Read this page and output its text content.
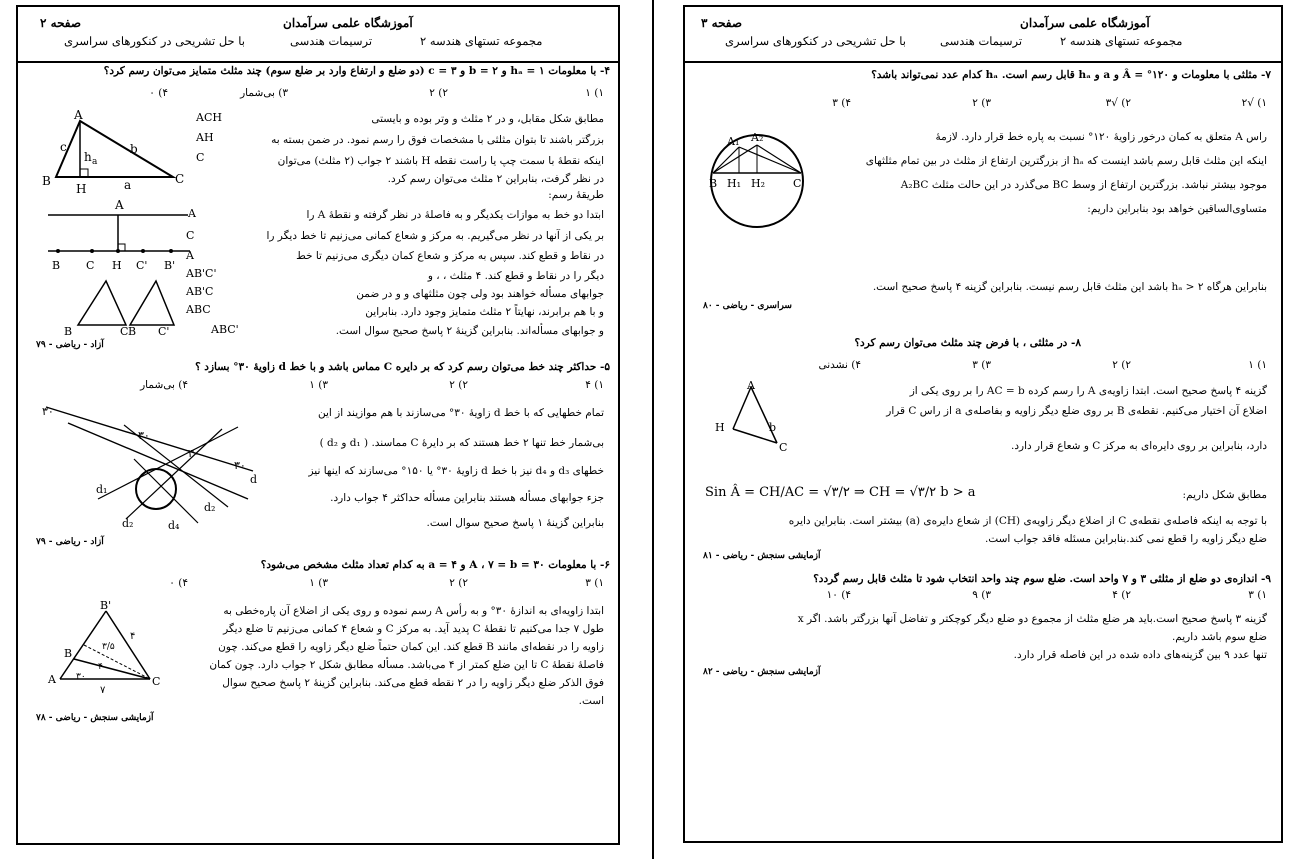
آموزشگاه علمی سرآمدان
صفحه ۲
مجموعه تستهای هندسه ۲
ترسیمات هندسی
با حل تشریحی در کنکورهای سراسری
۴- با معلومات ۱ = hₐ و ۲ = b و ۳ = c (دو ضلع و ارتفاع وارد بر ضلع سوم) چند مثلث متمایز می‌توان رسم کرد؟
۱) ۱
۲) ۲
۳) بی‌شمار
۴) ۰
مطابق شکل مقابل، و در ۲ مثلث و وتر بوده و بایستی
بزرگتر باشند تا بتوان مثلثی با مشخصات فوق را رسم نمود. در ضمن بسته به
اینکه نقطهٔ با سمت چپ یا راست نقطه H باشند ۲ جواب (۲ مثلث) می‌توان
در نظر گرفت، بنابراین ۲ مثلث می‌توان رسم کرد.
طریقهٔ رسم:
ابتدا دو خط به موازات یکدیگر و به فاصلهٔ در نظر گرفته و نقطهٔ A را
بر یکی از آنها در نظر می‌گیریم. به مرکز و شعاع کمانی می‌زنیم تا خط دیگر را
در نقاط و قطع کند. سپس به مرکز و شعاع کمان دیگری می‌زنیم تا خط
دیگر را در نقاط و قطع کند. ۴ مثلث ، ، و
جوابهای مسأله خواهند بود ولی چون مثلثهای و و در ضمن
و با هم برابرند، نهایتاً ۲ مثلث متمایز وجود دارد. بنابراین
و جوابهای مسأله‌اند. بنابراین گزینهٔ ۲ پاسخ صحیح سوال است.
ACH
AH
C
A
C
A
AB'C'
AB'C
ABC
ABC'
آزاد - ریاضی - ۷۹
A
B
H
C
c
h a
b
a
A
B C H C' B'
B	C B C'
۵- حداکثر چند خط می‌توان رسم کرد که بر دایره C مماس باشد و با خط d زاویهٔ ۳۰° بسازد ؟
۱) ۴
۲) ۲
۳) ۱
۴) بی‌شمار
تمام خطهایی که با خط d زاویهٔ ۳۰° می‌سازند با هم موازیند از این
بی‌شمار خط تنها ۲ خط هستند که بر دایرهٔ C مماسند. ( d₁ و d₂ )
خطهای d₃ و d₄ نیز با خط d زاویهٔ ۳۰° یا ۱۵۰° می‌سازند که اینها نیز
جزء جوابهای مسأله هستند بنابراین مسأله حداکثر ۴ جواب دارد.
بنابراین گزینهٔ ۱ پاسخ صحیح سوال است.
آزاد - ریاضی - ۷۹
۳۰
۳۰
۳۰
۳۰
d
d₁
d₂
d₂	d₄
۶- با معلومات ۳۰ = A ، ۷ = b و ۴ = a به کدام تعداد مثلث مشخص می‌شود؟
۱) ۳
۲) ۲
۳) ۱
۴) ۰
ابتدا زاویه‌ای به اندازهٔ ۳۰° و به رأس A رسم نموده و روی یکی از اضلاع آن پاره‌خطی به
طول ۷ جدا می‌کنیم تا نقطهٔ C پدید آید. به مرکز C و شعاع ۴ کمانی می‌زنیم تا ضلع دیگر
زاویه را در نقطه‌ای مانند B قطع کند. این کمان حتماً ضلع دیگر زاویه را قطع می‌کند. چون
فاصلهٔ نقطهٔ C تا این ضلع کمتر از ۴ می‌باشد. مسأله مطابق شکل ۲ جواب دارد. چون کمان
فوق الذکر ضلع دیگر زاویه را در ۲ نقطه قطع می‌کند. بنابراین گزینهٔ ۲ پاسخ صحیح سوال
است.
آزمایشی سنجش - ریاضی - ۷۸
B'
B
A	C
۳۰
۷
۴
۳/۵
۴
آموزشگاه علمی سرآمدان
صفحه ۳
مجموعه تستهای هندسه ۲
ترسیمات هندسی
با حل تشریحی در کنکورهای سراسری
۷- مثلثی با معلومات و ۱۲۰° = Â و a و hₐ قابل رسم است. hₐ کدام عدد نمی‌تواند باشد؟
۱) √۲
۲) √۳
۳) ۲
۴) ۳
راس A متعلق به کمان درخور زاویهٔ ۱۲۰° نسبت به پاره خط قرار دارد. لازمهٔ
اینکه این مثلث قابل رسم باشد اینست که hₐ از بزرگترین ارتفاع از مثلث در بین تمام مثلثهای
موجود بیشتر نباشد. بزرگترین ارتفاع از وسط BC می‌گذرد در این حالت مثلث A₂BC
متساوی‌الساقین خواهد بود بنابراین داریم:
بنابراین هرگاه ۲ < hₐ باشد این مثلث قابل رسم نیست. بنابراین گزینه ۴ پاسخ صحیح است.
سراسری - ریاضی - ۸۰
A₁ A₂
B H₁ H₂	C
۸- در مثلثی ، با فرض چند مثلث می‌توان رسم کرد؟
۱) ۱
۲) ۲
۳) ۳
۴) نشدنی
گزینه ۴ پاسخ صحیح است. ابتدا زاویه‌ی A را رسم کرده AC = b را بر روی یکی از
اضلاع آن اختیار می‌کنیم. نقطه‌ی B بر روی ضلع دیگر زاویه و بفاصله‌ی a از راس C قرار
دارد، بنابراین بر روی دایره‌ای به مرکز C و شعاع قرار دارد.
مطابق شکل داریم:
Sin Â = CH/AC = √۳/۲ ⇒ CH = √۳/۲ b > a
با توجه به اینکه فاصله‌ی نقطه‌ی C از اضلاع دیگر زاویه‌ی (CH) از شعاع دایره‌ی (a) بیشتر است. بنابراین دایره
ضلع دیگر زاویه را قطع نمی کند.بنابراین مسئله فاقد جواب است.
آزمایشی سنجش - ریاضی - ۸۱
A
H
C
b
۹- اندازه‌ی دو ضلع از مثلثی ۳ و ۷ واحد است. ضلع سوم چند واحد انتخاب شود تا مثلث قابل رسم گردد؟
۱) ۳
۲) ۴
۳) ۹
۴) ۱۰
گزینه ۳ پاسخ صحیح است.باید هر ضلع مثلث از مجموع دو ضلع دیگر کوچکتر و تفاضل آنها بزرگتر باشد. اگر x
ضلع سوم باشد داریم.
تنها عدد ۹ بین گزینه‌های داده شده در این فاصله قرار دارد.
آزمایشی سنجش - ریاضی - ۸۲
